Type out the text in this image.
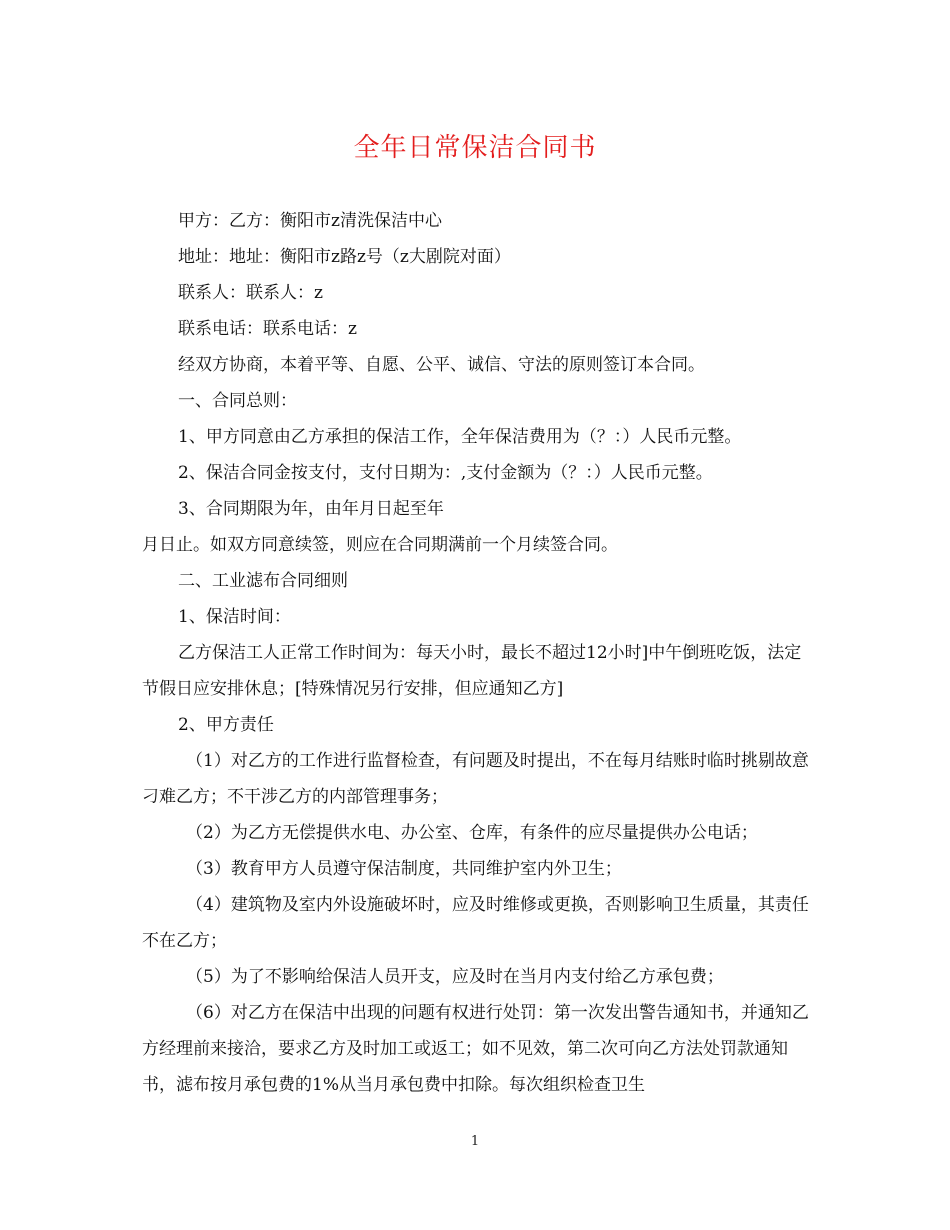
全年日常保洁合同书

甲方：乙方：衡阳市z清洗保洁中心

地址：地址：衡阳市z路z号（z大剧院对面）

联系人：联系人：z

联系电话：联系电话：z

经双方协商，本着平等、自愿、公平、诚信、守法的原则签订本合同。

一、合同总则：

1、甲方同意由乙方承担的保洁工作，全年保洁费用为（？：）人民币元整。

2、保洁合同金按支付，支付日期为：,支付金额为（？：）人民币元整。

3、合同期限为年，由年月日起至年

月日止。如双方同意续签，则应在合同期满前一个月续签合同。

二、工业滤布合同细则

1、保洁时间：

乙方保洁工人正常工作时间为：每天小时，最长不超过12小时]中午倒班吃饭，法定节假日应安排休息；[特殊情况另行安排，但应通知乙方]

2、甲方责任

（1）对乙方的工作进行监督检查，有问题及时提出，不在每月结账时临时挑剔故意刁难乙方；不干涉乙方的内部管理事务；

（2）为乙方无偿提供水电、办公室、仓库，有条件的应尽量提供办公电话；

（3）教育甲方人员遵守保洁制度，共同维护室内外卫生；

（4）建筑物及室内外设施破坏时，应及时维修或更换，否则影响卫生质量，其责任不在乙方；

（5）为了不影响给保洁人员开支，应及时在当月内支付给乙方承包费；

（6）对乙方在保洁中出现的问题有权进行处罚：第一次发出警告通知书，并通知乙方经理前来接洽，要求乙方及时加工或返工；如不见效，第二次可向乙方法处罚款通知书，滤布按月承包费的1%从当月承包费中扣除。每次组织检查卫生

1
